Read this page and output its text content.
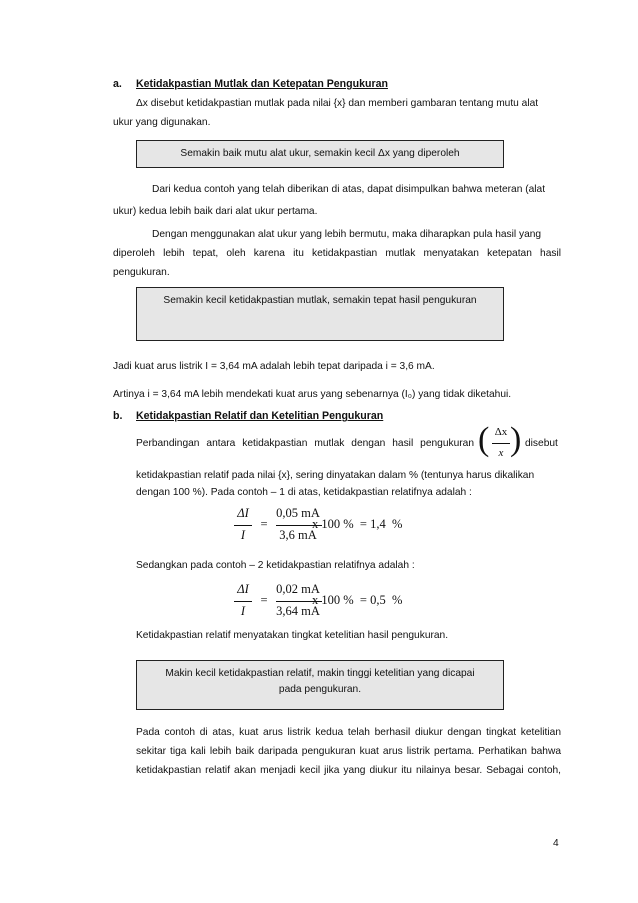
a. Ketidakpastian Mutlak dan Ketepatan Pengukuran
Δx disebut ketidakpastian mutlak pada nilai {x} dan memberi gambaran tentang mutu alat
ukur yang digunakan.
Semakin baik mutu alat ukur, semakin kecil Δx yang diperoleh
Dari kedua contoh yang telah diberikan di atas, dapat disimpulkan bahwa meteran (alat
ukur) kedua lebih baik dari alat ukur pertama.
Dengan menggunakan alat ukur yang lebih bermutu, maka diharapkan pula hasil yang
diperoleh lebih tepat, oleh karena itu ketidakpastian mutlak menyatakan ketepatan hasil
pengukuran.
Semakin kecil ketidakpastian mutlak, semakin tepat hasil pengukuran
Jadi kuat arus listrik I = 3,64 mA adalah lebih tepat daripada i = 3,6 mA.
Artinya i = 3,64 mA lebih mendekati kuat arus yang sebenarnya (I₀) yang tidak diketahui.
b. Ketidakpastian Relatif dan Ketelitian Pengukuran
Perbandingan antara ketidakpastian mutlak dengan hasil pengukuran ( Δx
x ) disebut
ketidakpastian relatif pada nilai {x}, sering dinyatakan dalam % (tentunya harus dikalikan
dengan 100 %). Pada contoh – 1 di atas, ketidakpastian relatifnya adalah :
ΔI
I
=
0,05 mA
3,6 mA
x 100 %  = 1,4  %
Sedangkan pada contoh – 2 ketidakpastian relatifnya adalah :
ΔI
I
=
0,02 mA
3,64 mA
x 100 %  = 0,5  %
Ketidakpastian relatif menyatakan tingkat ketelitian hasil pengukuran.
Makin kecil ketidakpastian relatif, makin tinggi ketelitian yang dicapai
pada pengukuran.
Pada contoh di atas, kuat arus listrik kedua telah berhasil diukur dengan tingkat ketelitian
sekitar tiga kali lebih baik daripada pengukuran kuat arus listrik pertama. Perhatikan bahwa
ketidakpastian relatif akan menjadi kecil jika yang diukur itu nilainya besar. Sebagai contoh,
4
